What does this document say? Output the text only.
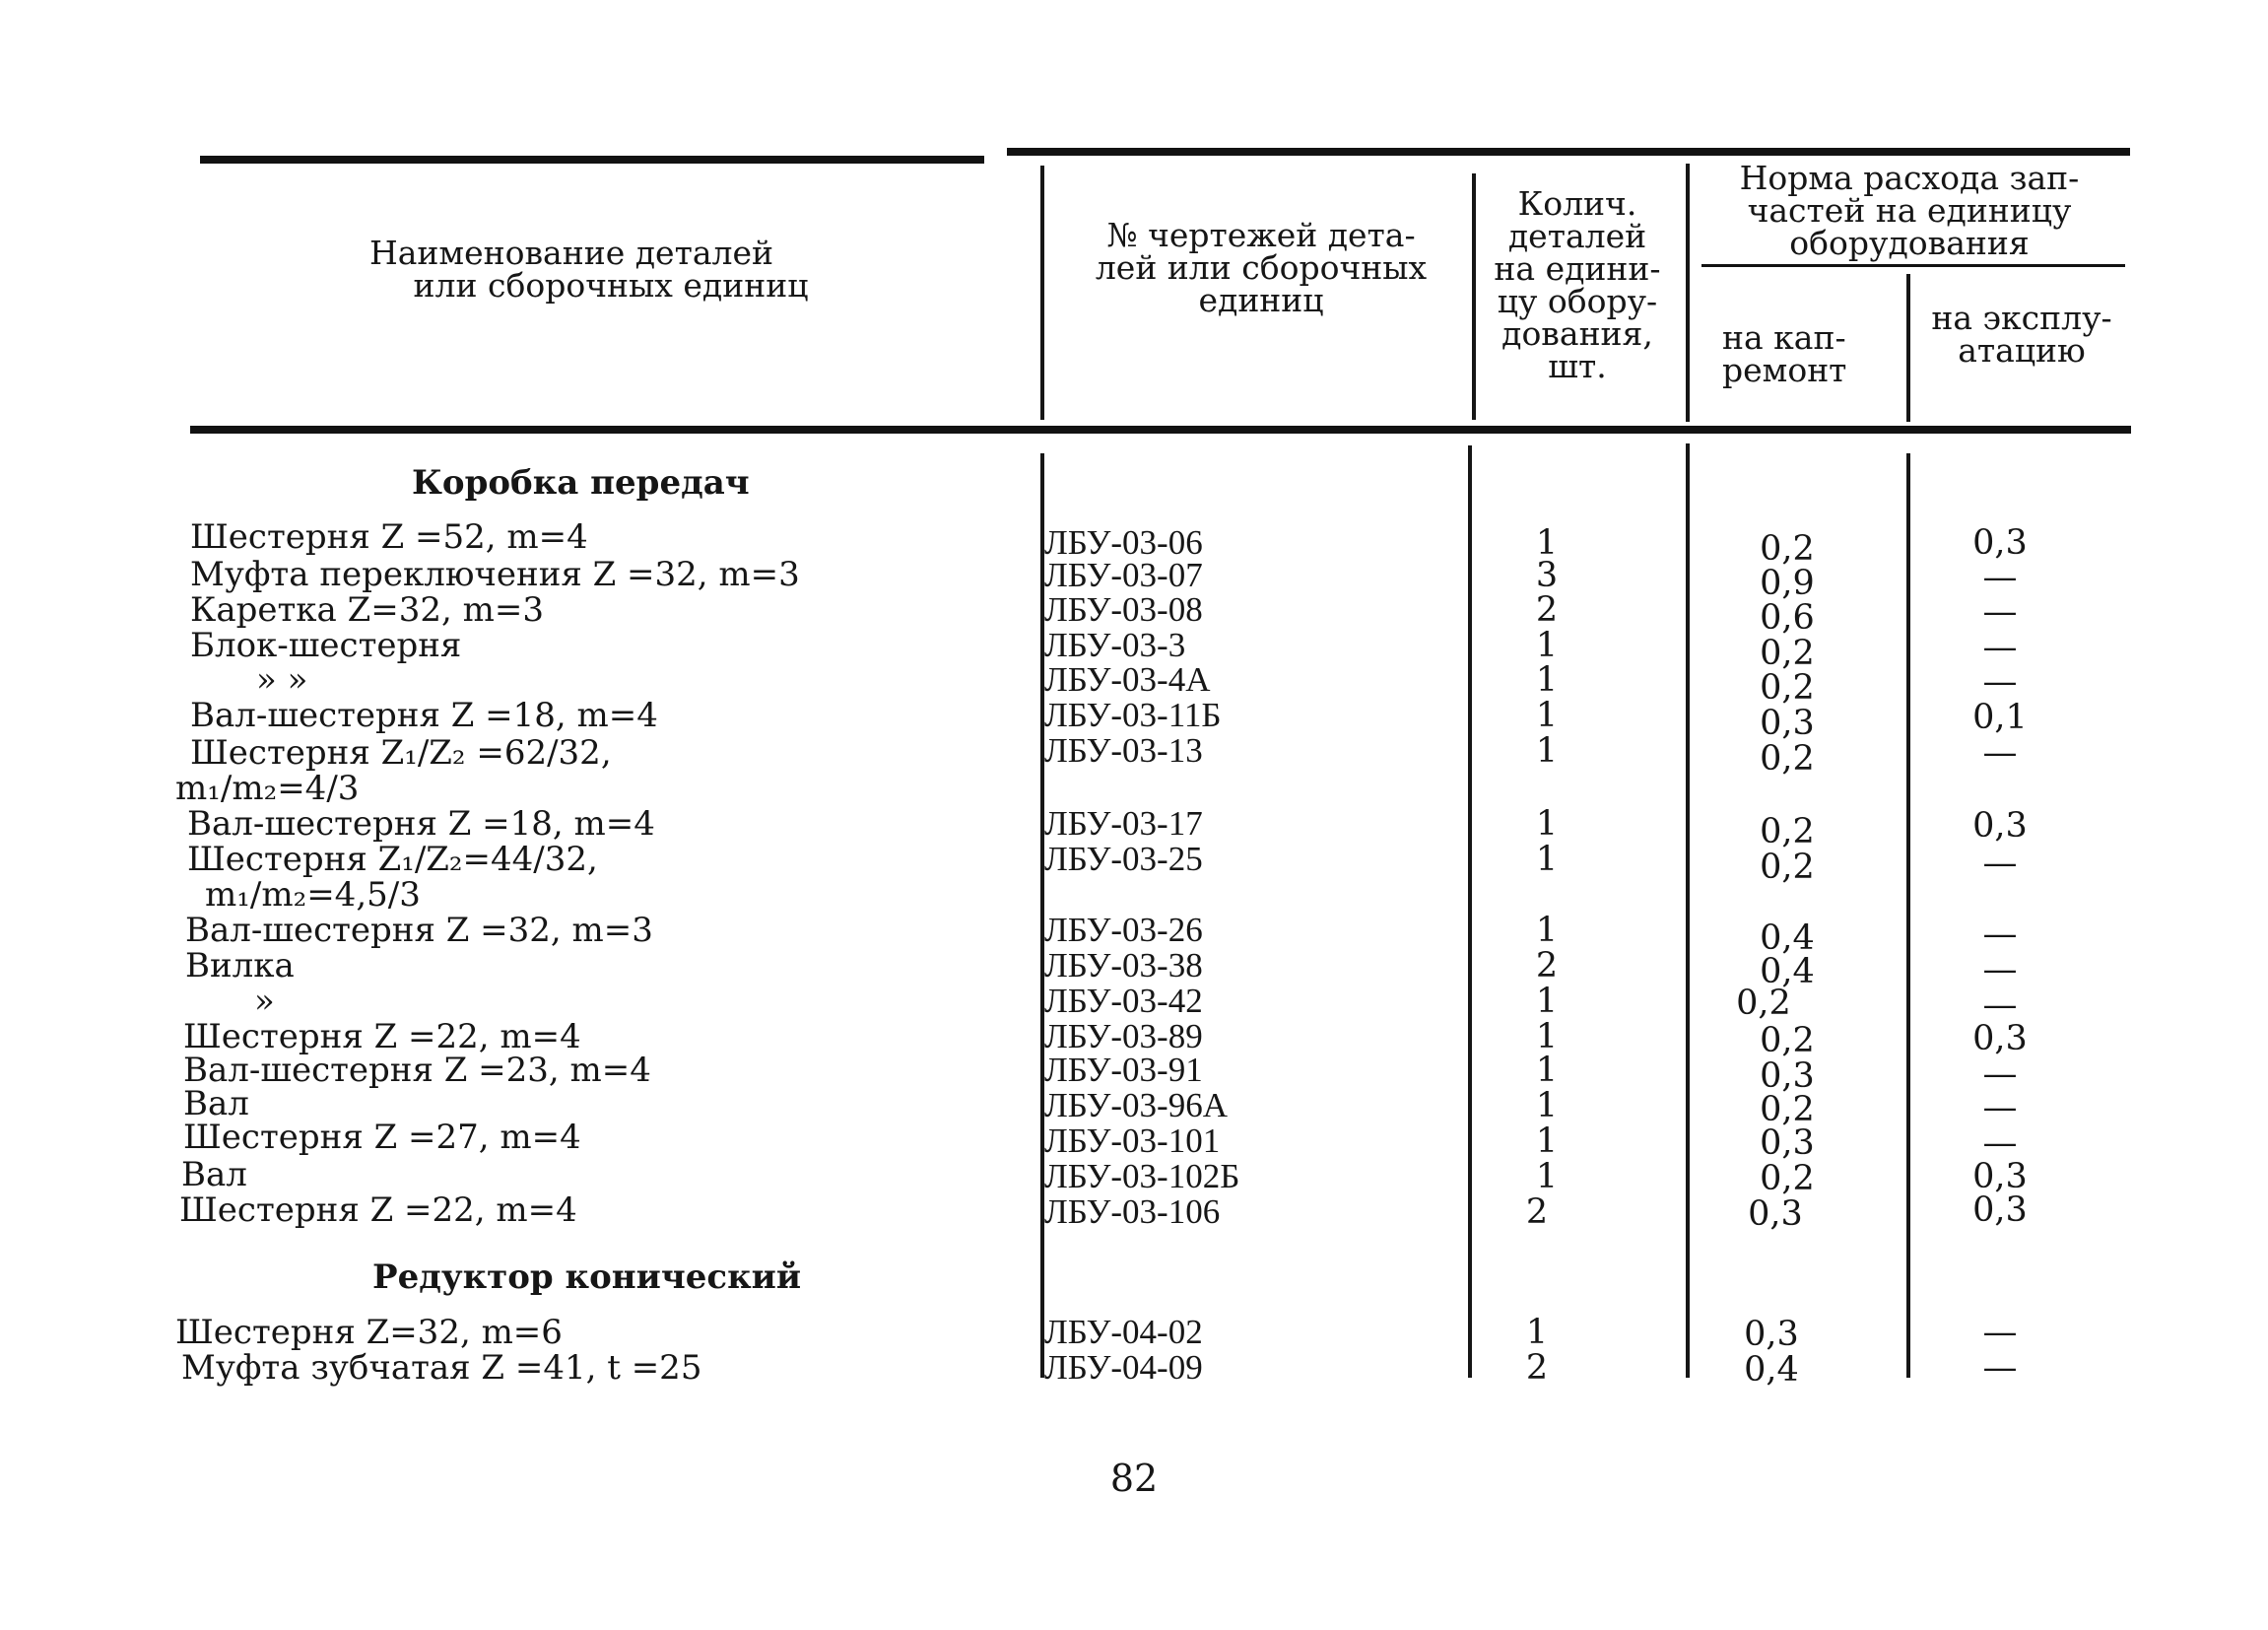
Наименование деталей
или сборочных единиц
№ чертежей дета-
лей или сборочных
единиц
Колич.
деталей
на едини-
цу обору-
дования,
шт.
Норма расхода зап-
частей на единицу
оборудования
на кап-
ремонт
на эксплу-
атацию
Коробка передач
Шестерня Z =52, m=4	ЛБУ-03-06	1	0,2	0,3
Муфта переключения Z =32, m=3	ЛБУ-03-07	3	0,9	—
Каретка Z=32, m=3	ЛБУ-03-08	2	0,6	—
Блок-шестерня	ЛБУ-03-3	1	0,2	—
» »	ЛБУ-03-4А	1	0,2	—
Вал-шестерня Z =18, m=4	ЛБУ-03-11Б	1	0,3	0,1
Шестерня Z₁/Z₂ =62/32,
m₁/m₂=4/3
ЛБУ-03-13	1	0,2	—
Вал-шестерня Z =18, m=4	ЛБУ-03-17	1	0,2	0,3
Шестерня Z₁/Z₂=44/32,
m₁/m₂=4,5/3
ЛБУ-03-25	1	0,2	—
Вал-шестерня Z =32, m=3	ЛБУ-03-26	1	0,4	—
Вилка	ЛБУ-03-38	2	0,4	—
»	ЛБУ-03-42	1	0,2	—
Шестерня Z =22, m=4	ЛБУ-03-89	1	0,2	0,3
Вал-шестерня Z =23, m=4	ЛБУ-03-91	1	0,3	—
Вал	ЛБУ-03-96А	1	0,2	—
Шестерня Z =27, m=4	ЛБУ-03-101	1	0,3	—
Вал	ЛБУ-03-102Б	1	0,2	0,3
Шестерня Z =22, m=4	ЛБУ-03-106	2	0,3	0,3
Редуктор конический
Шестерня Z=32, m=6	ЛБУ-04-02	1	0,3	—
Муфта зубчатая Z =41, t =25	ЛБУ-04-09	2	0,4	—
82
